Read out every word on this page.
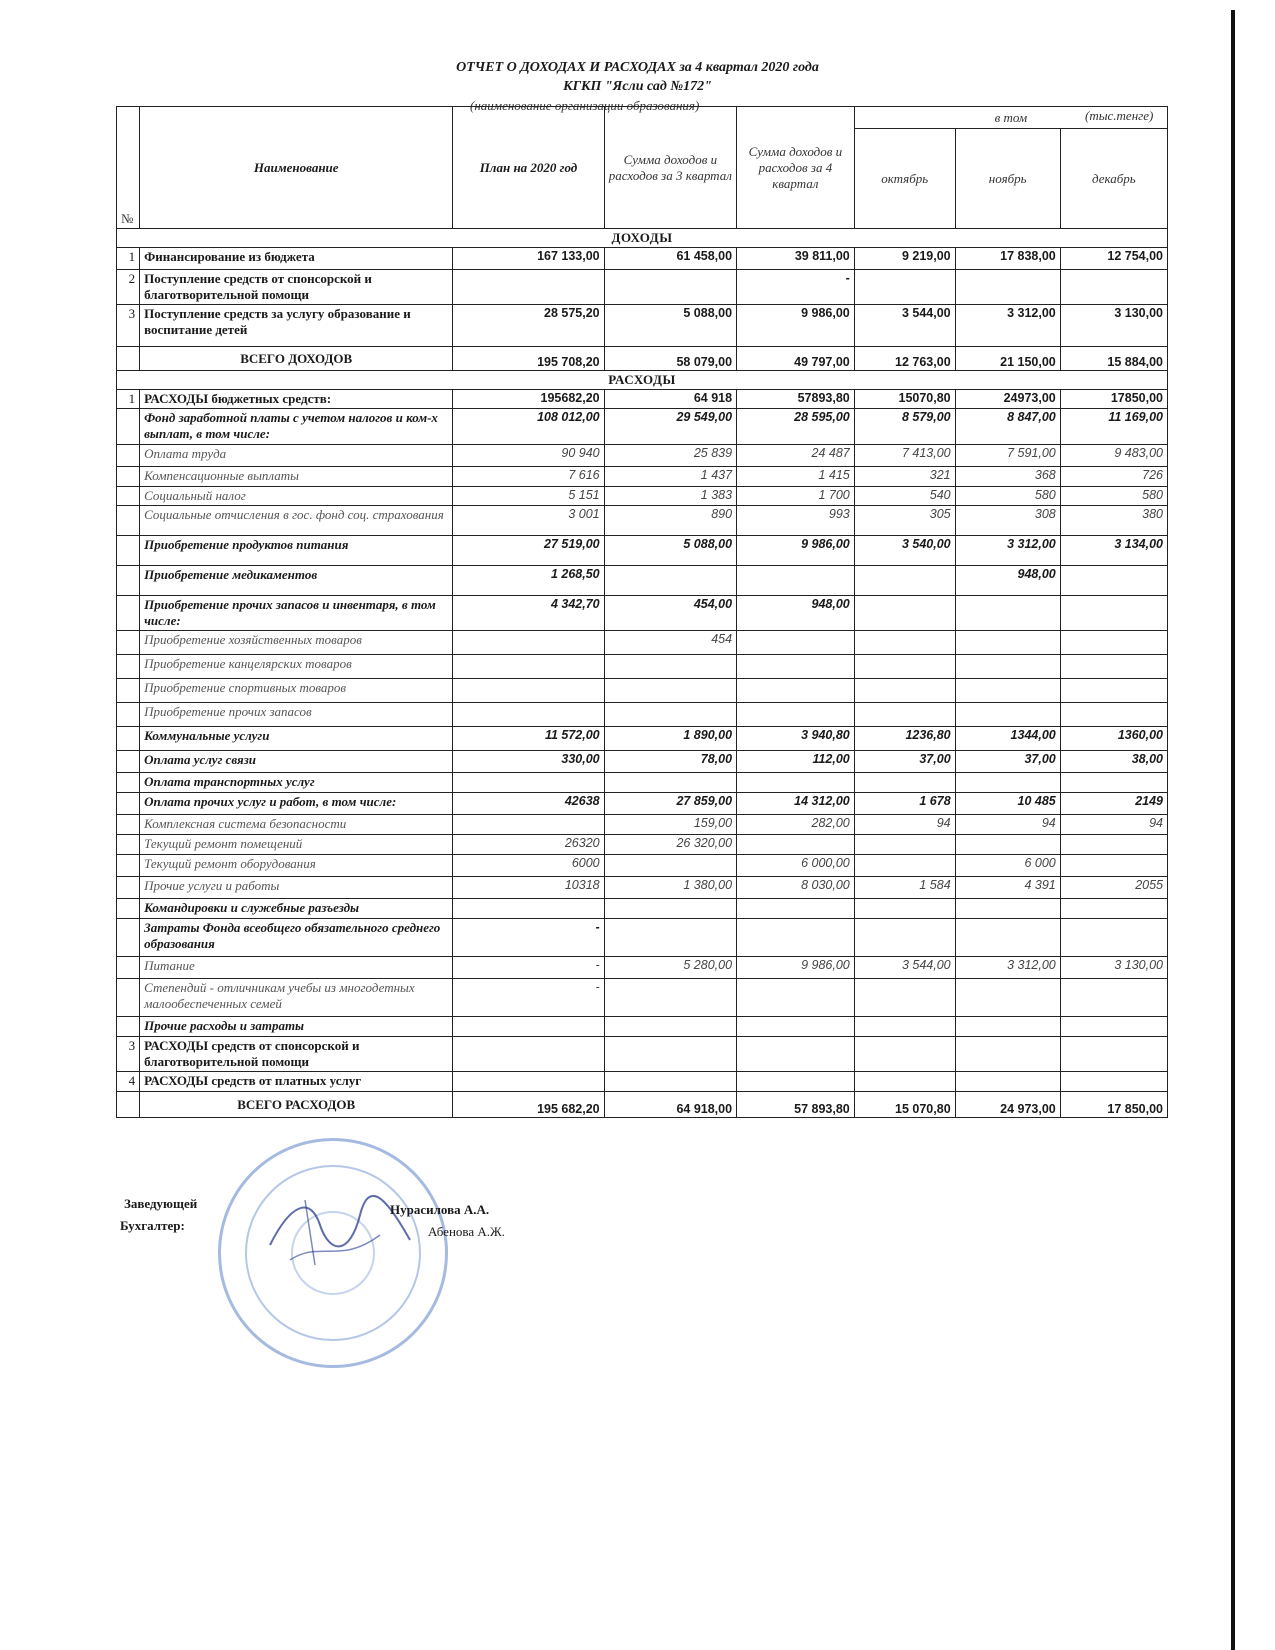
ОТЧЕТ О ДОХОДАХ И РАСХОДАХ за 4 квартал 2020 года
КГКП "Ясли сад №172"
(наименование организации образования)
(тыс.тенге)
№	Наименование	План на 2020 год	Сумма доходов и расходов за 3 квартал	Сумма доходов и расходов за 4 квартал	в том		
					октябрь	ноябрь	декабрь
ДОХОДЫ							
1	Финансирование из бюджета	167 133,00	61 458,00	39 811,00	9 219,00	17 838,00	12 754,00
2	Поступление средств от спонсорской и благотворительной помощи			-			
3	Поступление средств за услугу образование и воспитание детей	28 575,20	5 088,00	9 986,00	3 544,00	3 312,00	3 130,00
	ВСЕГО ДОХОДОВ	195 708,20	58 079,00	49 797,00	12 763,00	21 150,00	15 884,00
РАСХОДЫ							
1	РАСХОДЫ бюджетных средств:	195682,20	64 918	57893,80	15070,80	24973,00	17850,00
	Фонд заработной платы с учетом налогов и ком-х выплат, в том числе:	108 012,00	29 549,00	28 595,00	8 579,00	8 847,00	11 169,00
	Оплата труда	90 940	25 839	24 487	7 413,00	7 591,00	9 483,00
	Компенсационные выплаты	7 616	1 437	1 415	321	368	726
	Социальный налог	5 151	1 383	1 700	540	580	580
	Социальные отчисления в гос. фонд соц. страхования	3 001	890	993	305	308	380
	Приобретение продуктов питания	27 519,00	5 088,00	9 986,00	3 540,00	3 312,00	3 134,00
	Приобретение медикаментов	1 268,50				948,00	
	Приобретение прочих запасов и инвентаря, в том числе:	4 342,70	454,00	948,00			
	Приобретение хозяйственных товаров		454				
	Приобретение канцелярских товаров						
	Приобретение спортивных товаров						
	Приобретение прочих запасов						
	Коммунальные услуги	11 572,00	1 890,00	3 940,80	1236,80	1344,00	1360,00
	Оплата услуг связи	330,00	78,00	112,00	37,00	37,00	38,00
	Оплата транспортных услуг						
	Оплата прочих услуг и работ, в том числе:	42638	27 859,00	14 312,00	1 678	10 485	2149
	Комплексная система безопасности		159,00	282,00	94	94	94
	Текущий ремонт помещений	26320	26 320,00				
	Текущий ремонт оборудования	6000		6 000,00		6 000	
	Прочие услуги и работы	10318	1 380,00	8 030,00	1 584	4 391	2055
	Командировки и служебные разъезды						
	Затраты Фонда всеобщего обязательного среднего образования	-					
	Питание	-	5 280,00	9 986,00	3 544,00	3 312,00	3 130,00
	Степендий - отличникам учебы из многодетных малообеспеченных семей	-					
	Прочие расходы и затраты						
3	РАСХОДЫ средств от спонсорской и благотворительной помощи						
4	РАСХОДЫ средств от платных услуг						
	ВСЕГО РАСХОДОВ	195 682,20	64 918,00	57 893,80	15 070,80	24 973,00	17 850,00
Заведующей	Нурасилова А.А.
Бухгалтер:	Абенова А.Ж.
